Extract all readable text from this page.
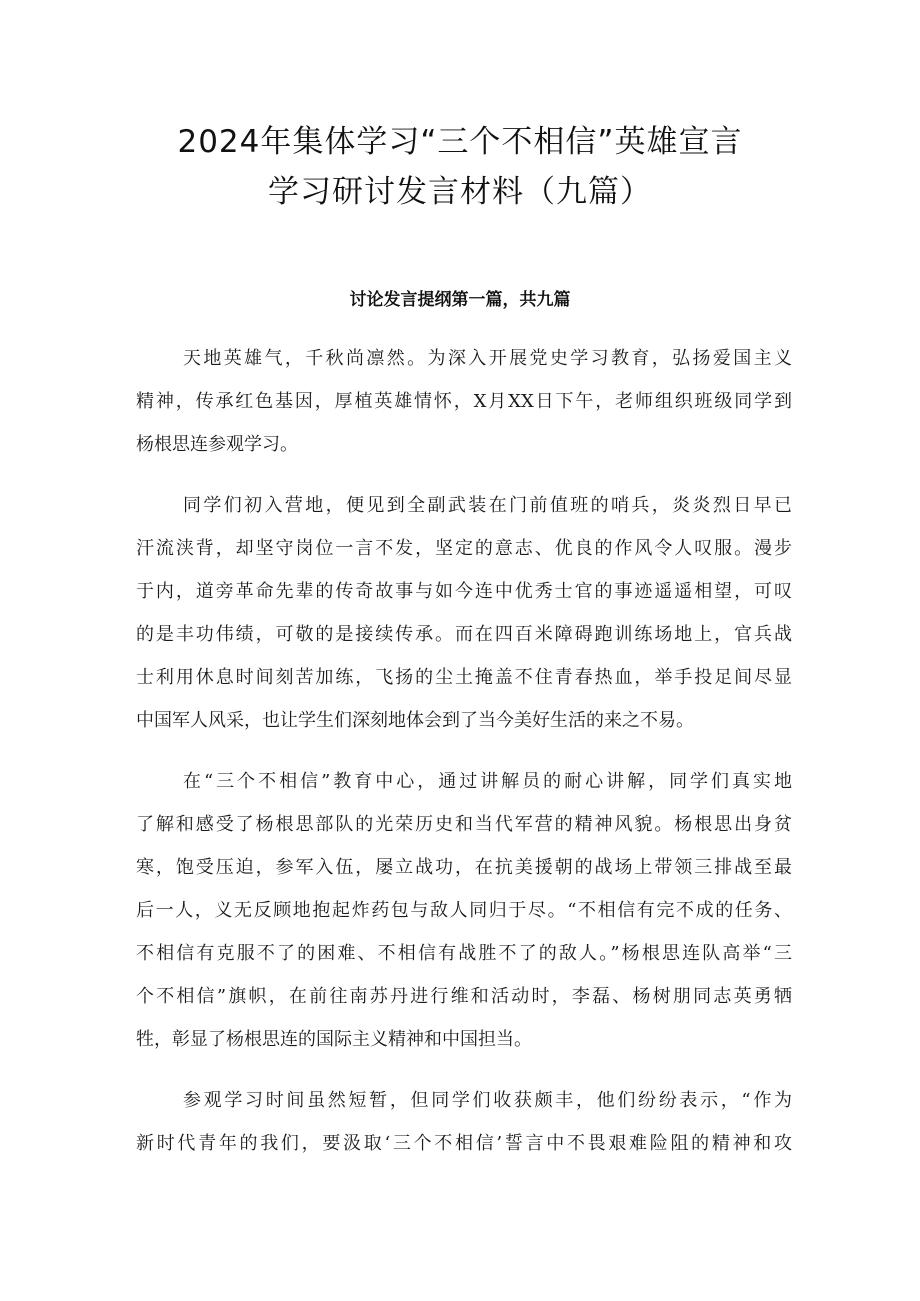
2024年集体学习“三个不相信”英雄宣言
学习研讨发言材料（九篇）
讨论发言提纲第一篇，共九篇
天地英雄气，千秋尚凛然。为深入开展党史学习教育，弘扬爱国主义
精神，传承红色基因，厚植英雄情怀，X月XX日下午，老师组织班级同学到
杨根思连参观学习。
同学们初入营地，便见到全副武装在门前值班的哨兵，炎炎烈日早已
汗流浃背，却坚守岗位一言不发，坚定的意志、优良的作风令人叹服。漫步
于内，道旁革命先辈的传奇故事与如今连中优秀士官的事迹遥遥相望，可叹
的是丰功伟绩，可敬的是接续传承。而在四百米障碍跑训练场地上，官兵战
士利用休息时间刻苦加练，飞扬的尘土掩盖不住青春热血，举手投足间尽显
中国军人风采，也让学生们深刻地体会到了当今美好生活的来之不易。
在“三个不相信”教育中心，通过讲解员的耐心讲解，同学们真实地
了解和感受了杨根思部队的光荣历史和当代军营的精神风貌。杨根思出身贫
寒，饱受压迫，参军入伍，屡立战功，在抗美援朝的战场上带领三排战至最
后一人，义无反顾地抱起炸药包与敌人同归于尽。“不相信有完不成的任务、
不相信有克服不了的困难、不相信有战胜不了的敌人。”杨根思连队高举“三
个不相信”旗帜，在前往南苏丹进行维和活动时，李磊、杨树朋同志英勇牺
牲，彰显了杨根思连的国际主义精神和中国担当。
参观学习时间虽然短暂，但同学们收获颇丰，他们纷纷表示，“作为
新时代青年的我们，要汲取‘三个不相信’誓言中不畏艰难险阻的精神和攻
